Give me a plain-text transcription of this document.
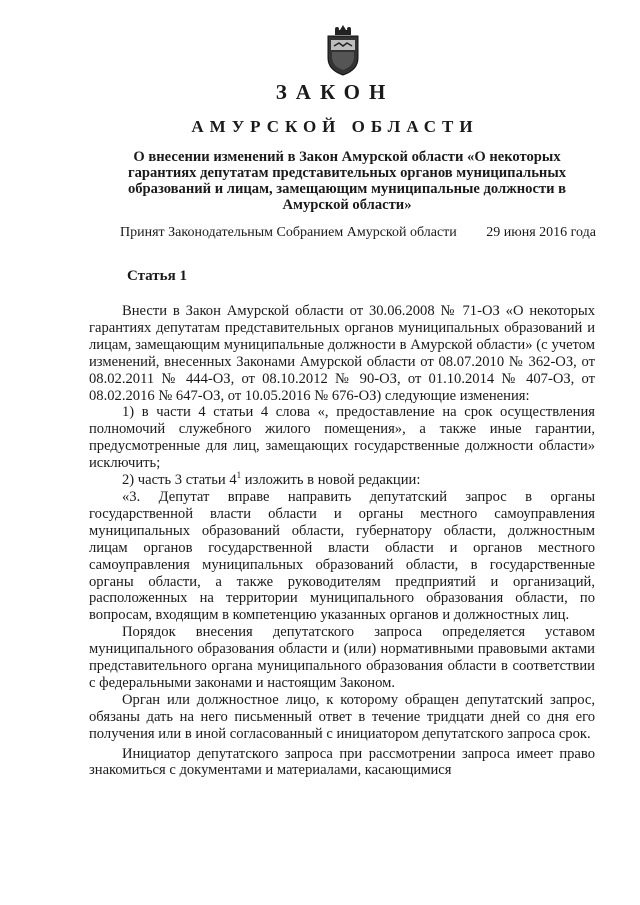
ЗАКОН
АМУРСКОЙ ОБЛАСТИ
О внесении изменений в Закон Амурской области «О некоторых гарантиях депутатам представительных органов муниципальных образований и лицам, замещающим муниципальные должности в Амурской области»
Принят Законодательным Собранием Амурской области 29 июня 2016 года
Статья 1

Внести в Закон Амурской области от 30.06.2008 № 71-ОЗ «О некоторых гарантиях депутатам представительных органов муниципальных образований и лицам, замещающим муниципальные должности в Амурской области» (с учетом изменений, внесенных Законами Амурской области от 08.07.2010 № 362-ОЗ, от 08.02.2011 № 444-ОЗ, от 08.10.2012 № 90-ОЗ, от 01.10.2014 № 407-ОЗ, от 08.02.2016 № 647-ОЗ, от 10.05.2016 № 676-ОЗ) следующие изменения:

1) в части 4 статьи 4 слова «, предоставление на срок осуществления полномочий служебного жилого помещения», а также иные гарантии, предусмотренные для лиц, замещающих государственные должности области» исключить;

2) часть 3 статьи $4^1$ изложить в новой редакции:

«3. Депутат вправе направить депутатский запрос в органы государственной власти области и органы местного самоуправления муниципальных образований области, губернатору области, должностным лицам органов государственной власти области и органов местного самоуправления муниципальных образований области, в государственные органы области, а также руководителям предприятий и организаций, расположенных на территории муниципального образования области, по вопросам, входящим в компетенцию указанных органов и должностных лиц.

Порядок внесения депутатского запроса определяется уставом муниципального образования области и (или) нормативными правовыми актами представительного органа муниципального образования области в соответствии с федеральными законами и настоящим Законом.

Орган или должностное лицо, к которому обращен депутатский запрос, обязаны дать на него письменный ответ в течение тридцати дней со дня его получения или в иной согласованный с инициатором депутатского запроса срок.

Инициатор депутатского запроса при рассмотрении запроса имеет право знакомиться с документами и материалами, касающимися
